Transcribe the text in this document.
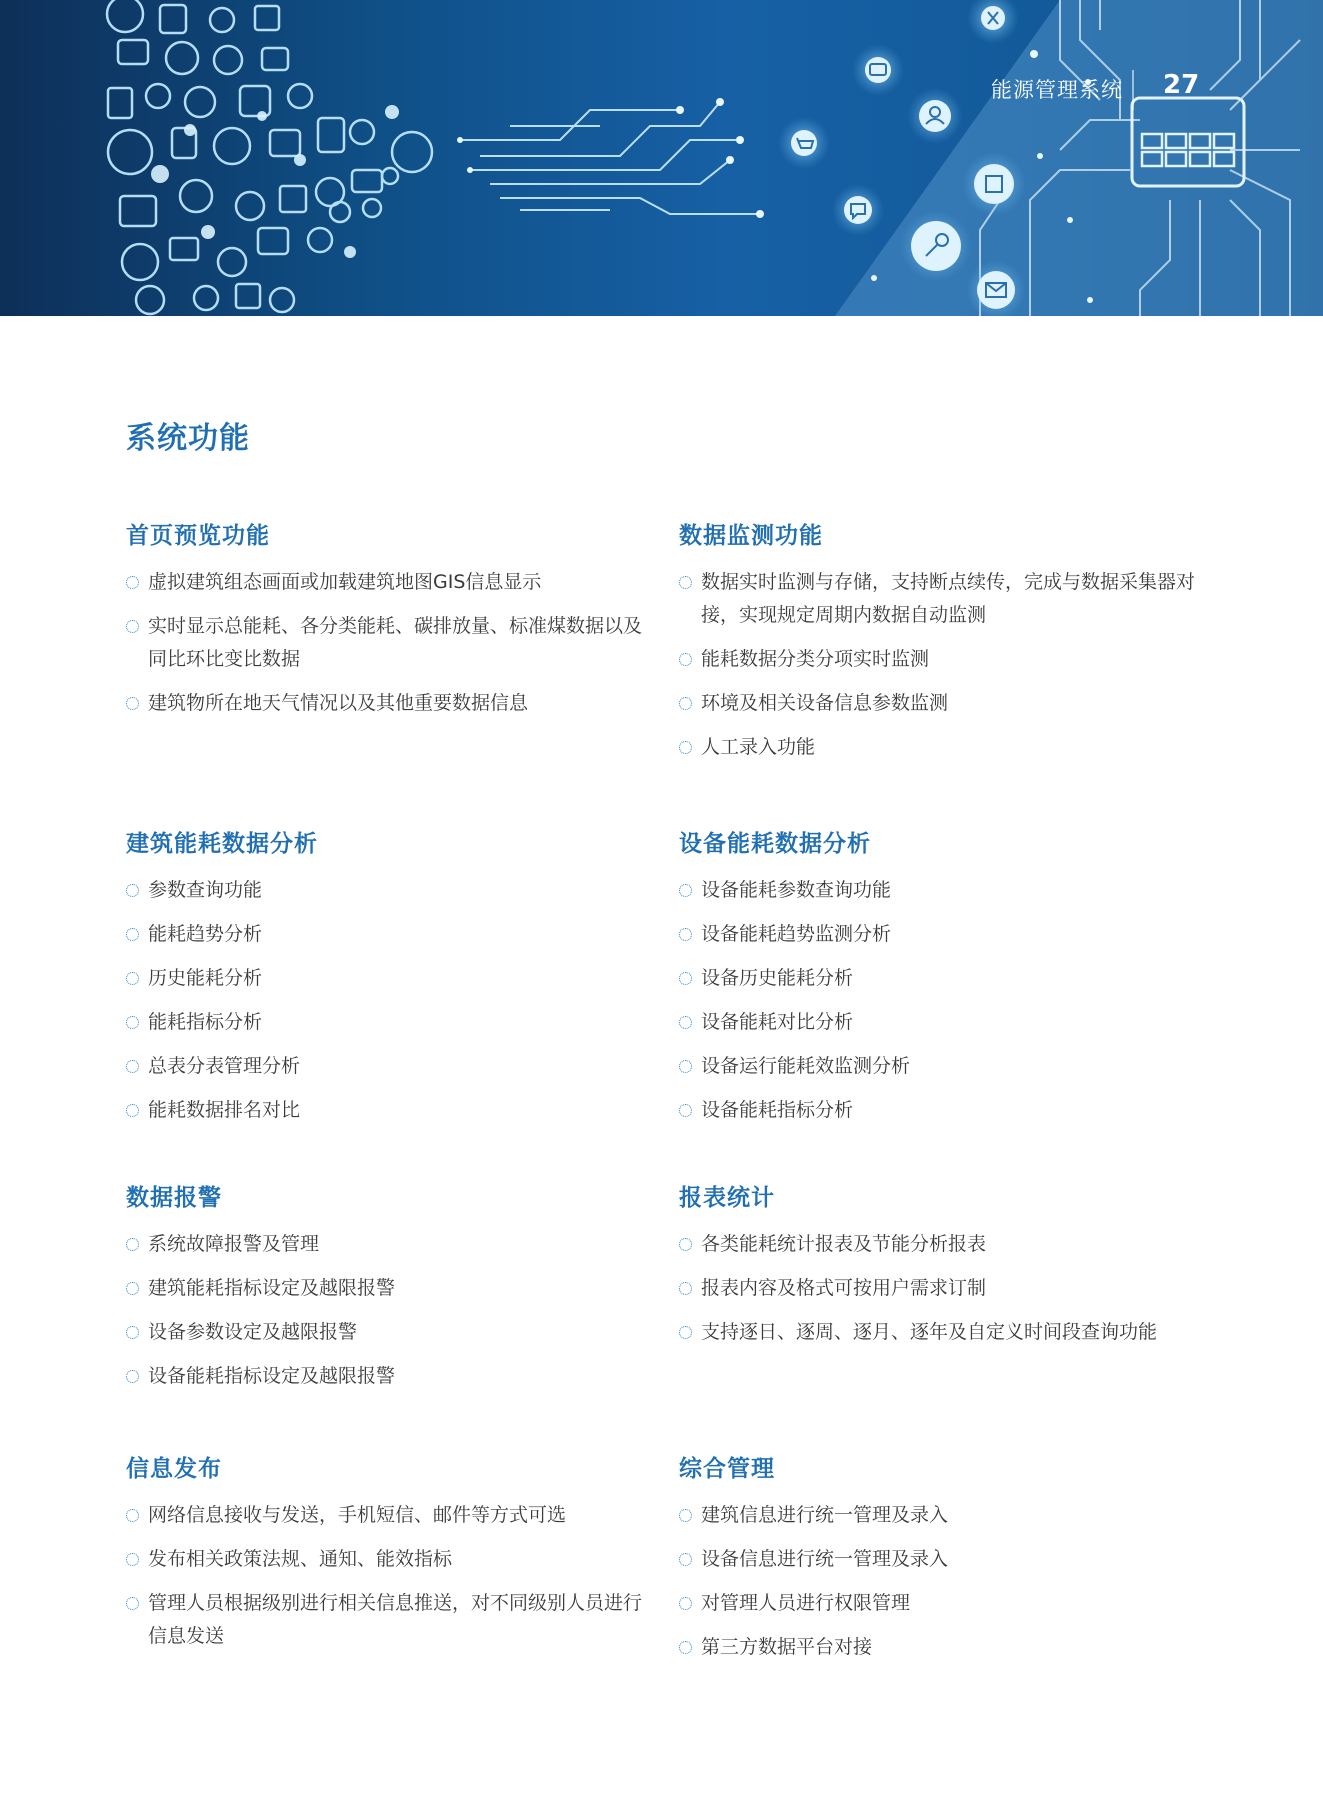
能源管理系统 27
系统功能
首页预览功能
虚拟建筑组态画面或加载建筑地图GIS信息显示
实时显示总能耗、各分类能耗、碳排放量、标准煤数据以及同比环比变比数据
建筑物所在地天气情况以及其他重要数据信息
数据监测功能
数据实时监测与存储，支持断点续传，完成与数据采集器对接，实现规定周期内数据自动监测
能耗数据分类分项实时监测
环境及相关设备信息参数监测
人工录入功能
建筑能耗数据分析
参数查询功能
能耗趋势分析
历史能耗分析
能耗指标分析
总表分表管理分析
能耗数据排名对比
设备能耗数据分析
设备能耗参数查询功能
设备能耗趋势监测分析
设备历史能耗分析
设备能耗对比分析
设备运行能耗效监测分析
设备能耗指标分析
数据报警
系统故障报警及管理
建筑能耗指标设定及越限报警
设备参数设定及越限报警
设备能耗指标设定及越限报警
报表统计
各类能耗统计报表及节能分析报表
报表内容及格式可按用户需求订制
支持逐日、逐周、逐月、逐年及自定义时间段查询功能
信息发布
网络信息接收与发送，手机短信、邮件等方式可选
发布相关政策法规、通知、能效指标
管理人员根据级别进行相关信息推送，对不同级别人员进行信息发送
综合管理
建筑信息进行统一管理及录入
设备信息进行统一管理及录入
对管理人员进行权限管理
第三方数据平台对接
